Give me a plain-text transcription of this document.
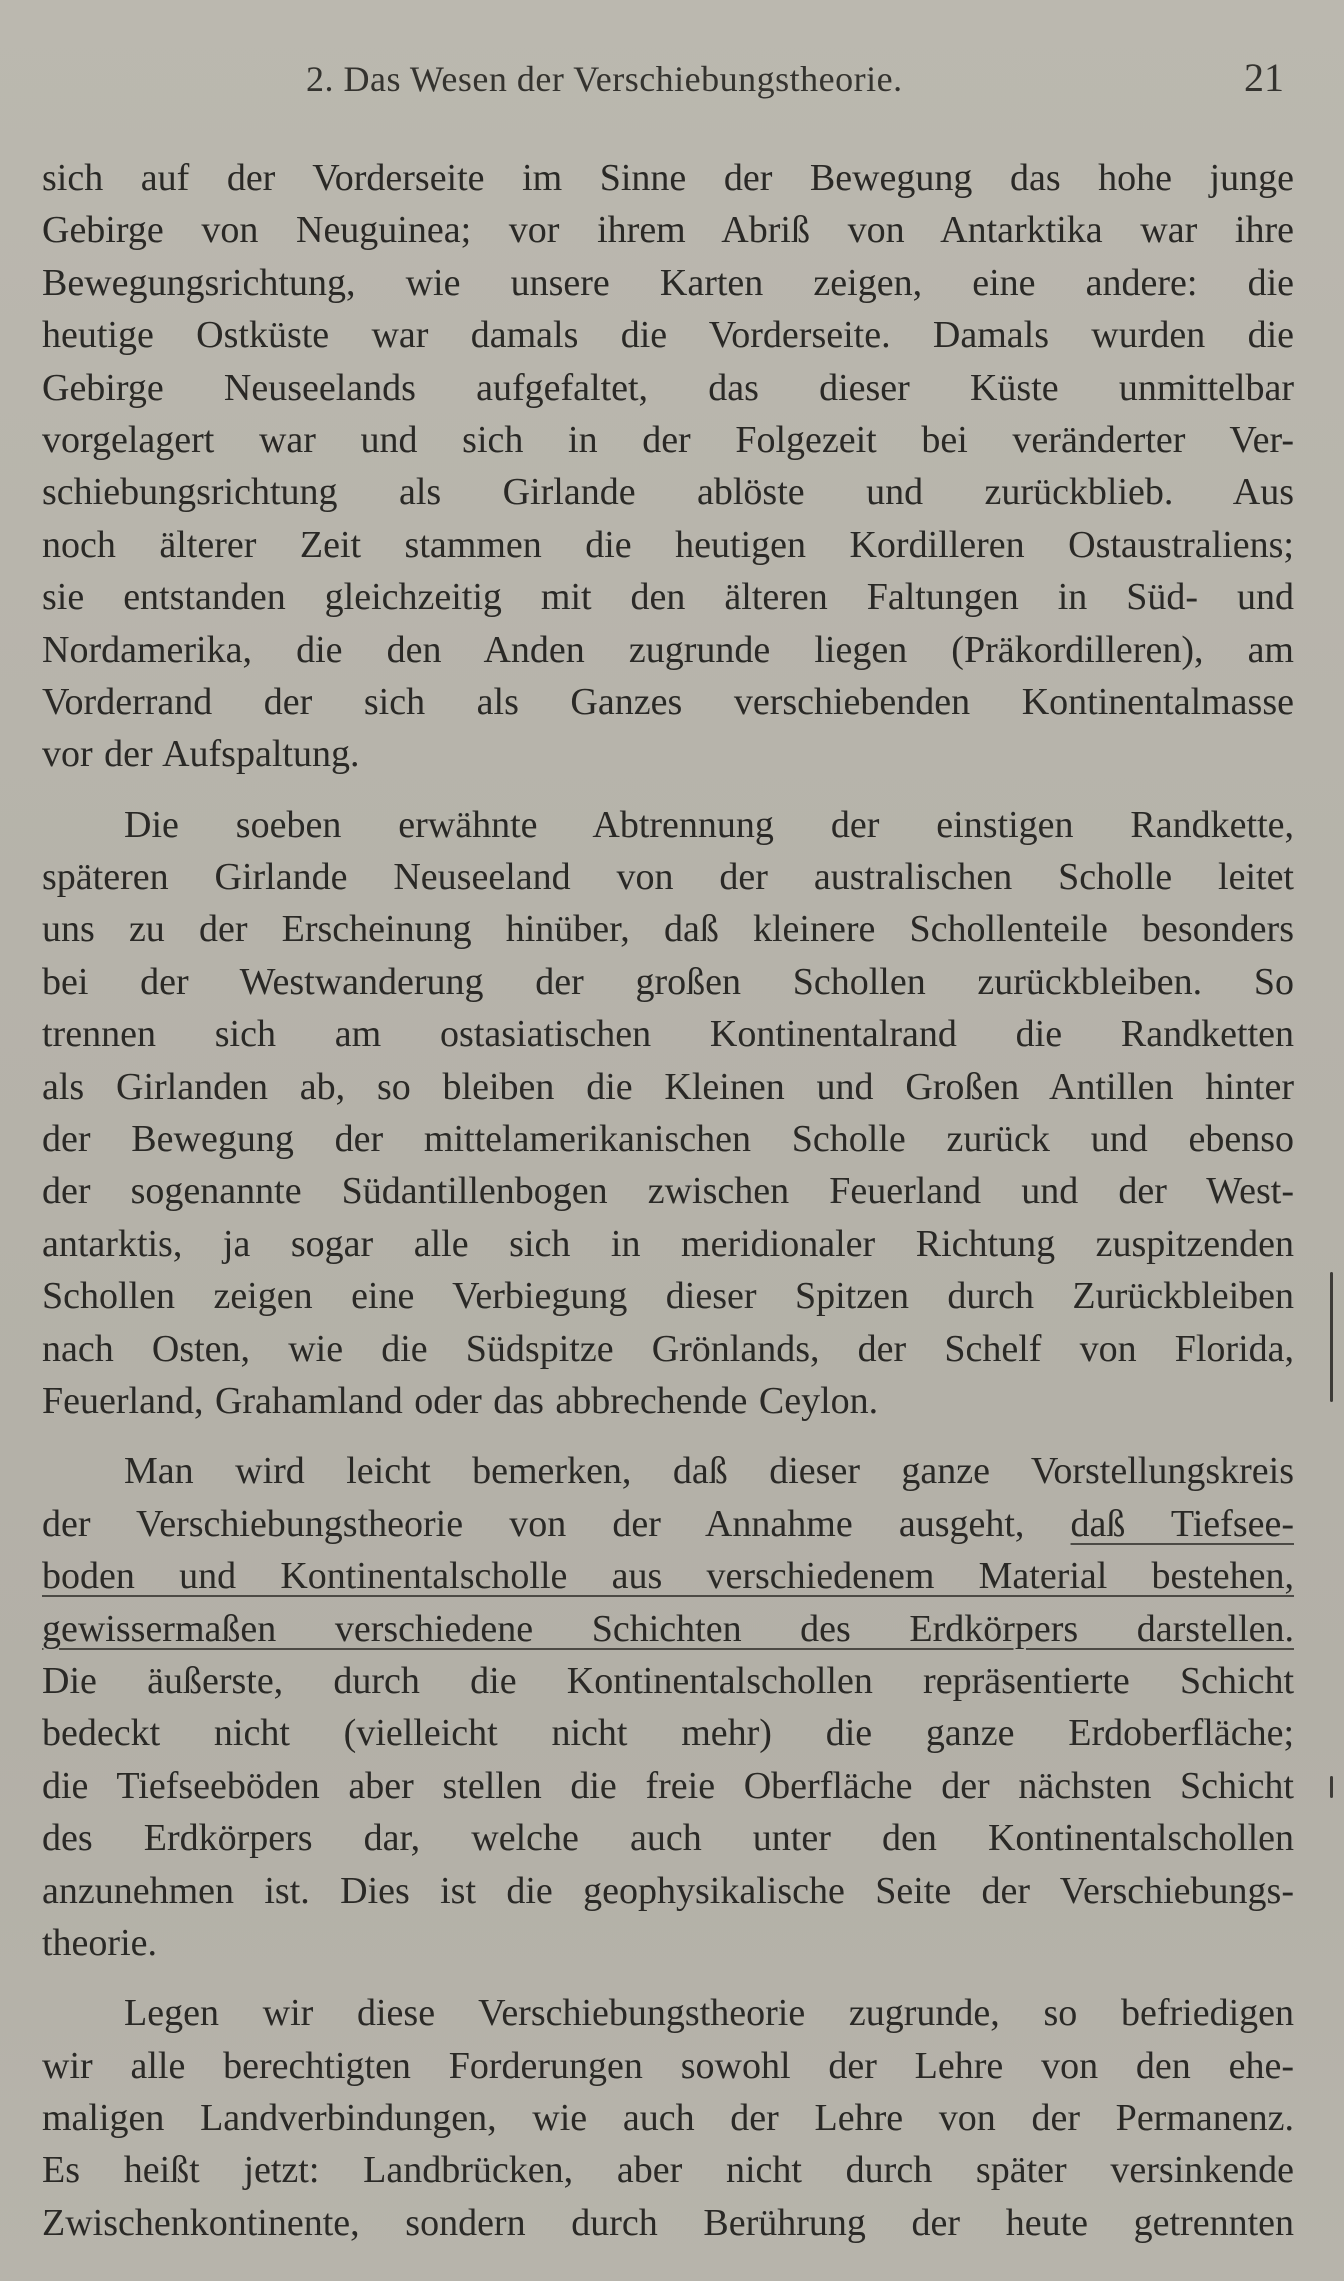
2. Das Wesen der Verschiebungstheorie.	21
sich auf der Vorderseite im Sinne der Bewegung das hohe junge
Gebirge von Neuguinea; vor ihrem Abriß von Antarktika war ihre
Bewegungsrichtung, wie unsere Karten zeigen, eine andere: die
heutige Ostküste war damals die Vorderseite. Damals wurden die
Gebirge Neuseelands aufgefaltet, das dieser Küste unmittelbar
vorgelagert war und sich in der Folgezeit bei veränderter Ver-
schiebungsrichtung als Girlande ablöste und zurückblieb. Aus
noch älterer Zeit stammen die heutigen Kordilleren Ostaustraliens;
sie entstanden gleichzeitig mit den älteren Faltungen in Süd- und
Nordamerika, die den Anden zugrunde liegen (Präkordilleren), am
Vorderrand der sich als Ganzes verschiebenden Kontinentalmasse
vor der Aufspaltung.
Die soeben erwähnte Abtrennung der einstigen Randkette,
späteren Girlande Neuseeland von der australischen Scholle leitet
uns zu der Erscheinung hinüber, daß kleinere Schollenteile besonders
bei der Westwanderung der großen Schollen zurückbleiben. So
trennen sich am ostasiatischen Kontinentalrand die Randketten
als Girlanden ab, so bleiben die Kleinen und Großen Antillen hinter
der Bewegung der mittelamerikanischen Scholle zurück und ebenso
der sogenannte Südantillenbogen zwischen Feuerland und der West-
antarktis, ja sogar alle sich in meridionaler Richtung zuspitzenden
Schollen zeigen eine Verbiegung dieser Spitzen durch Zurückbleiben
nach Osten, wie die Südspitze Grönlands, der Schelf von Florida,
Feuerland, Grahamland oder das abbrechende Ceylon.
Man wird leicht bemerken, daß dieser ganze Vorstellungskreis
der Verschiebungstheorie von der Annahme ausgeht, daß Tiefsee-
boden und Kontinentalscholle aus verschiedenem Material bestehen,
gewissermaßen verschiedene Schichten des Erdkörpers darstellen.
Die äußerste, durch die Kontinentalschollen repräsentierte Schicht
bedeckt nicht (vielleicht nicht mehr) die ganze Erdoberfläche;
die Tiefseeböden aber stellen die freie Oberfläche der nächsten Schicht
des Erdkörpers dar, welche auch unter den Kontinentalschollen
anzunehmen ist. Dies ist die geophysikalische Seite der Verschiebungs-
theorie.
Legen wir diese Verschiebungstheorie zugrunde, so befriedigen
wir alle berechtigten Forderungen sowohl der Lehre von den ehe-
maligen Landverbindungen, wie auch der Lehre von der Permanenz.
Es heißt jetzt: Landbrücken, aber nicht durch später versinkende
Zwischenkontinente, sondern durch Berührung der heute getrennten
